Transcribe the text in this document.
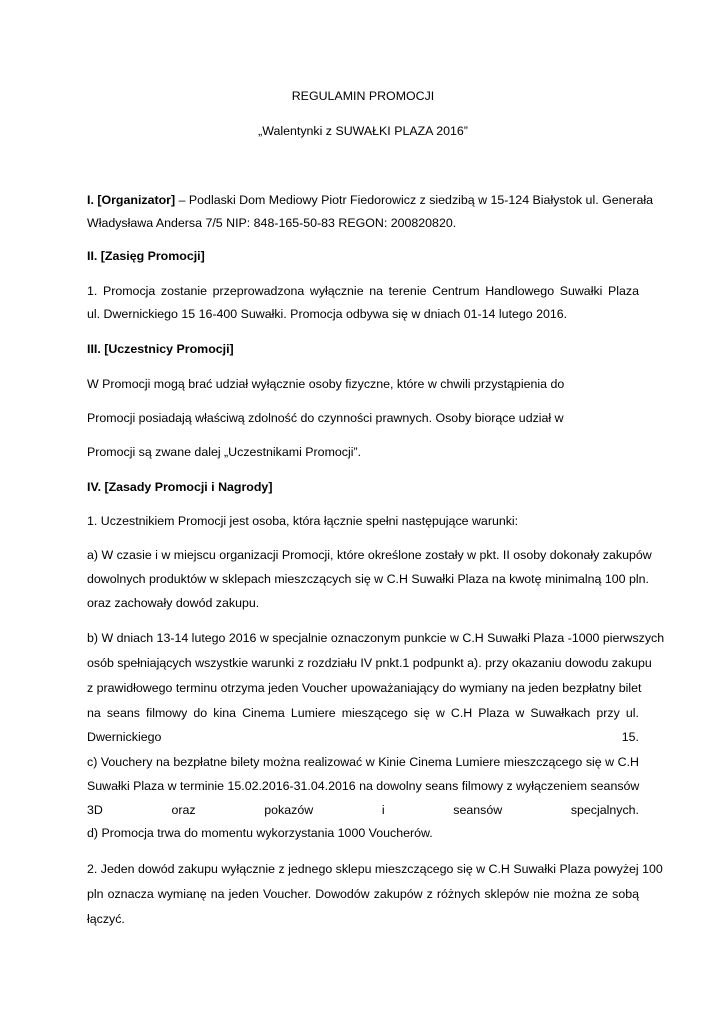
REGULAMIN PROMOCJI
„Walentynki z SUWAŁKI PLAZA 2016”
I. [Organizator] – Podlaski Dom Mediowy Piotr Fiedorowicz z siedzibą w 15-124 Białystok ul. Generała
Władysława Andersa 7/5 NIP: 848-165-50-83 REGON: 200820820.
II. [Zasięg Promocji]
1. Promocja zostanie przeprowadzona wyłącznie na terenie Centrum Handlowego Suwałki Plaza
ul. Dwernickiego 15 16-400 Suwałki. Promocja odbywa się w dniach 01-14 lutego 2016.
III. [Uczestnicy Promocji]
W Promocji mogą brać udział wyłącznie osoby fizyczne, które w chwili przystąpienia do
Promocji posiadają właściwą zdolność do czynności prawnych. Osoby biorące udział w
Promocji są zwane dalej „Uczestnikami Promocji”.
IV. [Zasady Promocji i Nagrody]
1. Uczestnikiem Promocji jest osoba, która łącznie spełni następujące warunki:
a) W czasie i w miejscu organizacji Promocji, które określone zostały w pkt. II osoby dokonały zakupów
dowolnych produktów w sklepach mieszczących się w C.H Suwałki Plaza na kwotę minimalną 100 pln.
oraz zachowały dowód zakupu.
b) W dniach 13-14 lutego 2016 w specjalnie oznaczonym punkcie w C.H Suwałki Plaza -1000 pierwszych
osób spełniających wszystkie warunki z rozdziału IV pnkt.1 podpunkt a). przy okazaniu dowodu zakupu
z prawidłowego terminu otrzyma jeden Voucher upoważaniający do wymiany na jeden bezpłatny bilet
na seans filmowy do kina Cinema Lumiere mieszącego się w C.H Plaza w Suwałkach przy ul.
Dwernickiego	15.
c) Vouchery na bezpłatne bilety można realizować w Kinie Cinema Lumiere mieszczącego się w C.H
Suwałki Plaza w terminie 15.02.2016-31.04.2016 na dowolny seans filmowy z wyłączeniem seansów
3D	oraz	pokazów	i	seansów	specjalnych.
d) Promocja trwa do momentu wykorzystania 1000 Voucherów.
2. Jeden dowód zakupu wyłącznie z jednego sklepu mieszczącego się w C.H Suwałki Plaza powyżej 100
pln oznacza wymianę na jeden Voucher. Dowodów zakupów z różnych sklepów nie można ze sobą
łączyć.
